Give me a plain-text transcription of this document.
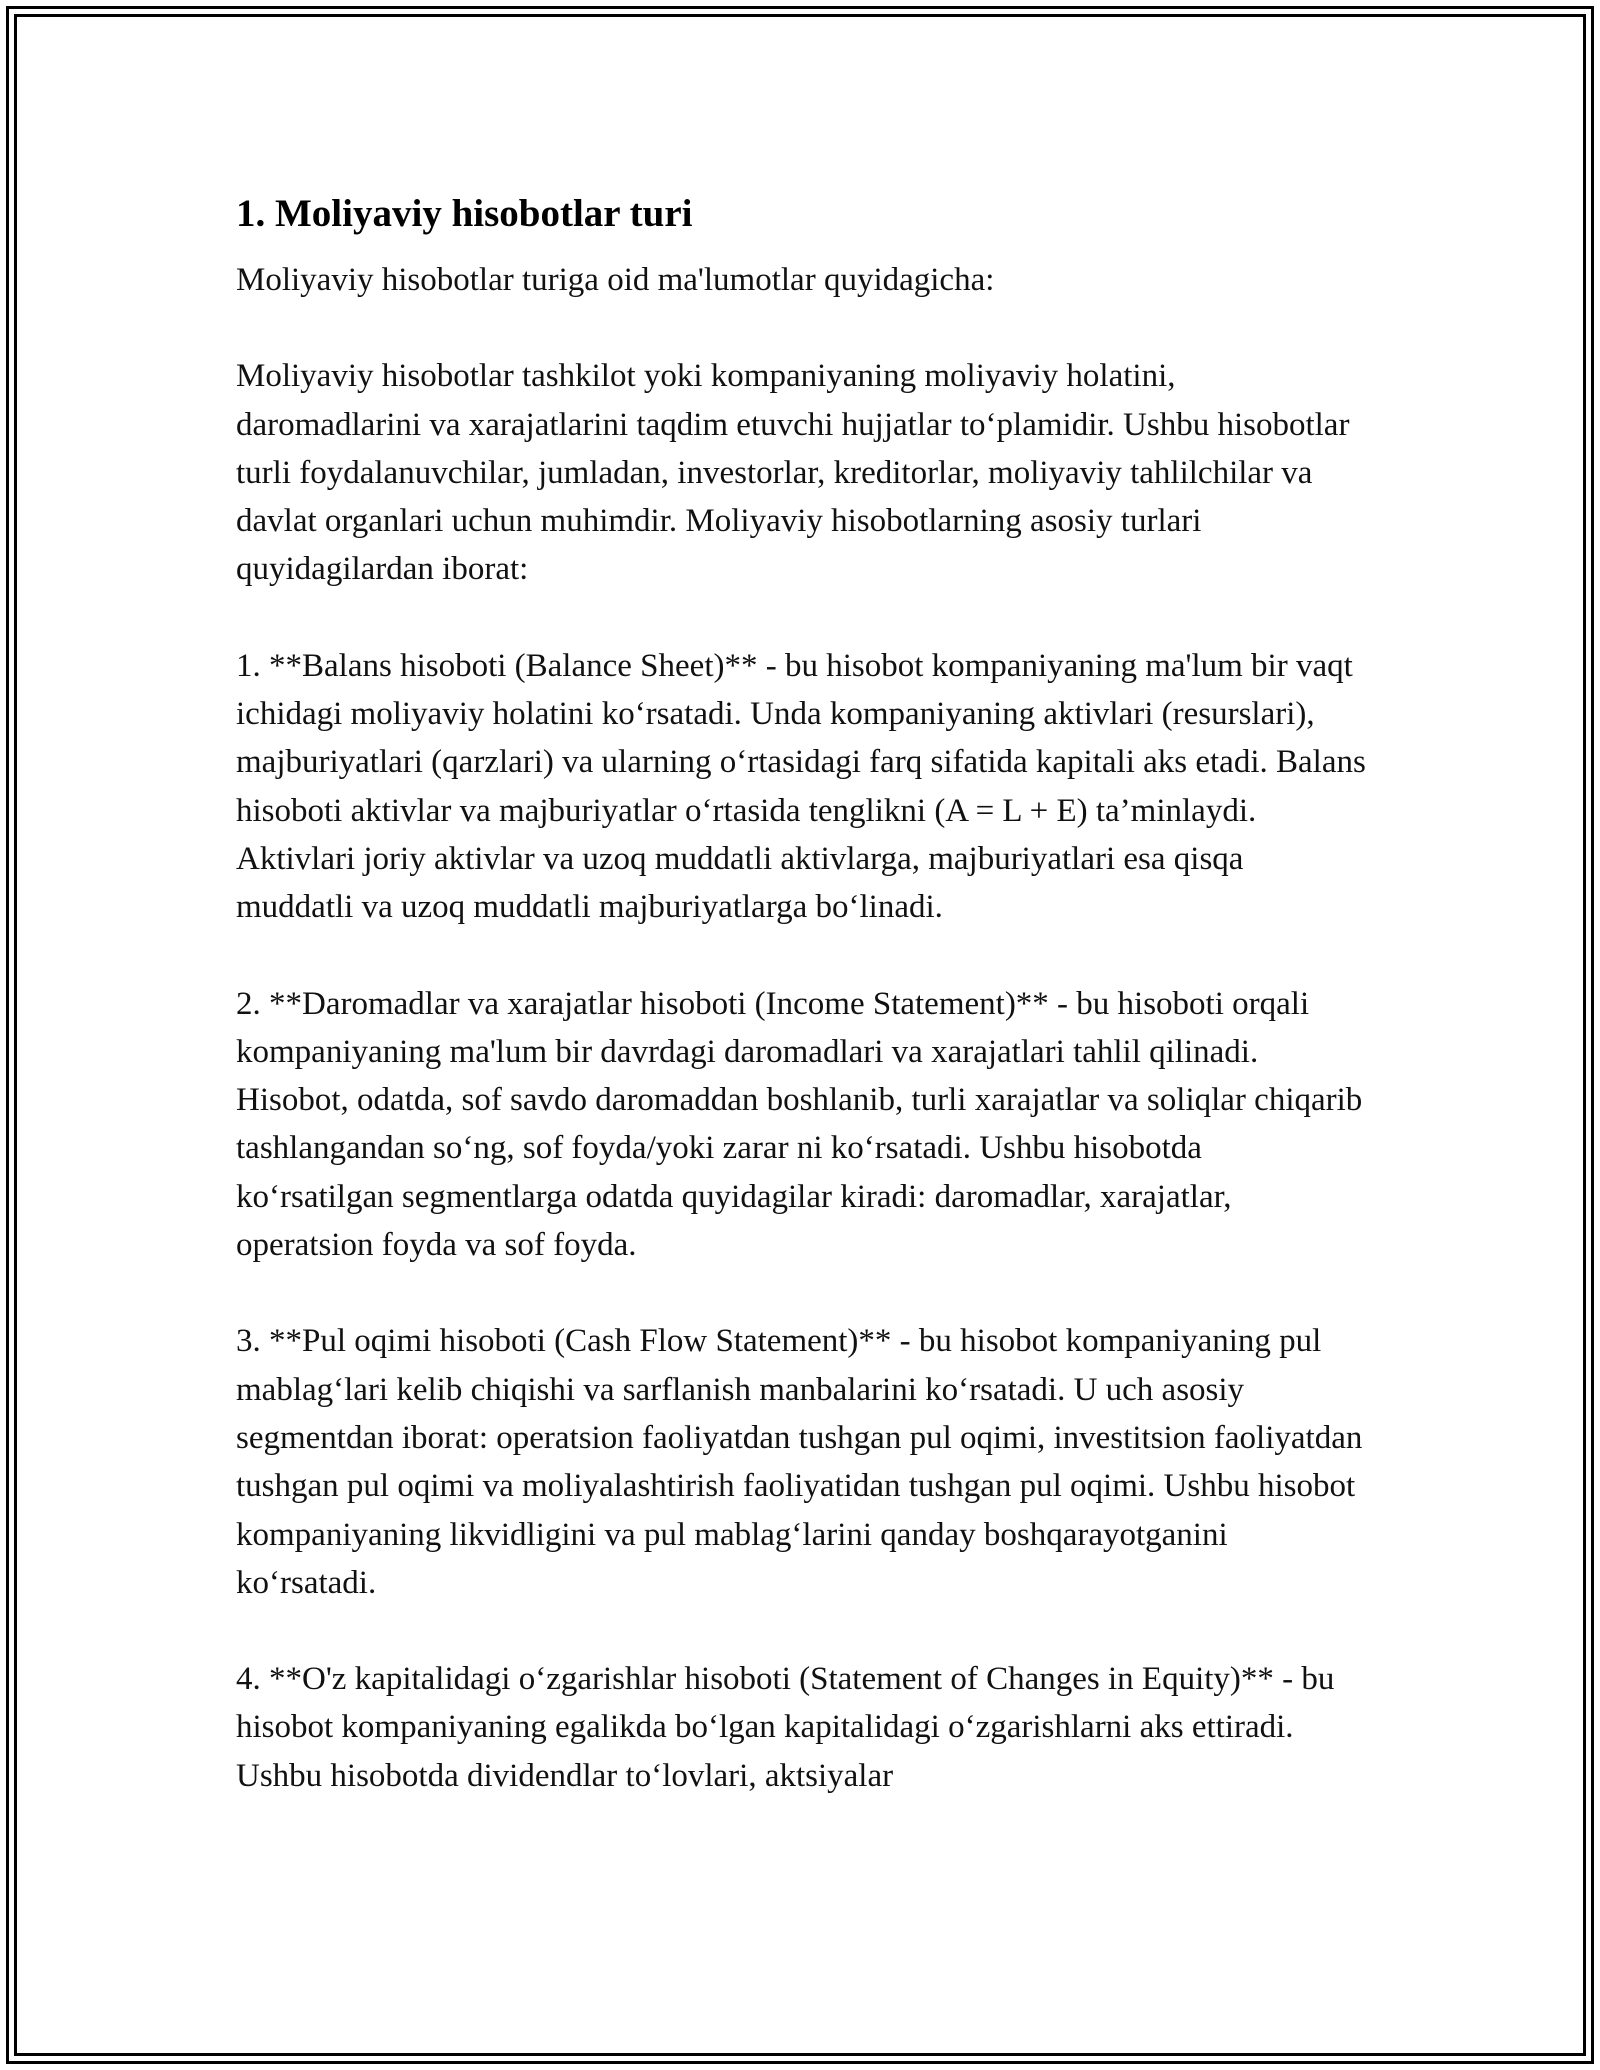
1. Moliyaviy hisobotlar turi

Moliyaviy hisobotlar turiga oid ma'lumotlar quyidagicha:

Moliyaviy hisobotlar tashkilot yoki kompaniyaning moliyaviy holatini, daromadlarini va xarajatlarini taqdim etuvchi hujjatlar to‘plamidir. Ushbu hisobotlar turli foydalanuvchilar, jumladan, investorlar, kreditorlar, moliyaviy tahlilchilar va davlat organlari uchun muhimdir. Moliyaviy hisobotlarning asosiy turlari quyidagilardan iborat:

1. **Balans hisoboti (Balance Sheet)** - bu hisobot kompaniyaning ma'lum bir vaqt ichidagi moliyaviy holatini ko‘rsatadi. Unda kompaniyaning aktivlari (resurslari), majburiyatlari (qarzlari) va ularning o‘rtasidagi farq sifatida kapitali aks etadi. Balans hisoboti aktivlar va majburiyatlar o‘rtasida tenglikni (A = L + E) ta’minlaydi. Aktivlari joriy aktivlar va uzoq muddatli aktivlarga, majburiyatlari esa qisqa muddatli va uzoq muddatli majburiyatlarga bo‘linadi.

2. **Daromadlar va xarajatlar hisoboti (Income Statement)** - bu hisoboti orqali kompaniyaning ma'lum bir davrdagi daromadlari va xarajatlari tahlil qilinadi. Hisobot, odatda, sof savdo daromaddan boshlanib, turli xarajatlar va soliqlar chiqarib tashlangandan so‘ng, sof foyda/yoki zarar ni ko‘rsatadi. Ushbu hisobotda ko‘rsatilgan segmentlarga odatda quyidagilar kiradi: daromadlar, xarajatlar, operatsion foyda va sof foyda.

3. **Pul oqimi hisoboti (Cash Flow Statement)** - bu hisobot kompaniyaning pul mablag‘lari kelib chiqishi va sarflanish manbalarini ko‘rsatadi. U uch asosiy segmentdan iborat: operatsion faoliyatdan tushgan pul oqimi, investitsion faoliyatdan tushgan pul oqimi va moliyalashtirish faoliyatidan tushgan pul oqimi. Ushbu hisobot kompaniyaning likvidligini va pul mablag‘larini qanday boshqarayotganini ko‘rsatadi.

4. **O'z kapitalidagi o‘zgarishlar hisoboti (Statement of Changes in Equity)** - bu hisobot kompaniyaning egalikda bo‘lgan kapitalidagi o‘zgarishlarni aks ettiradi. Ushbu hisobotda dividendlar to‘lovlari, aktsiyalar
